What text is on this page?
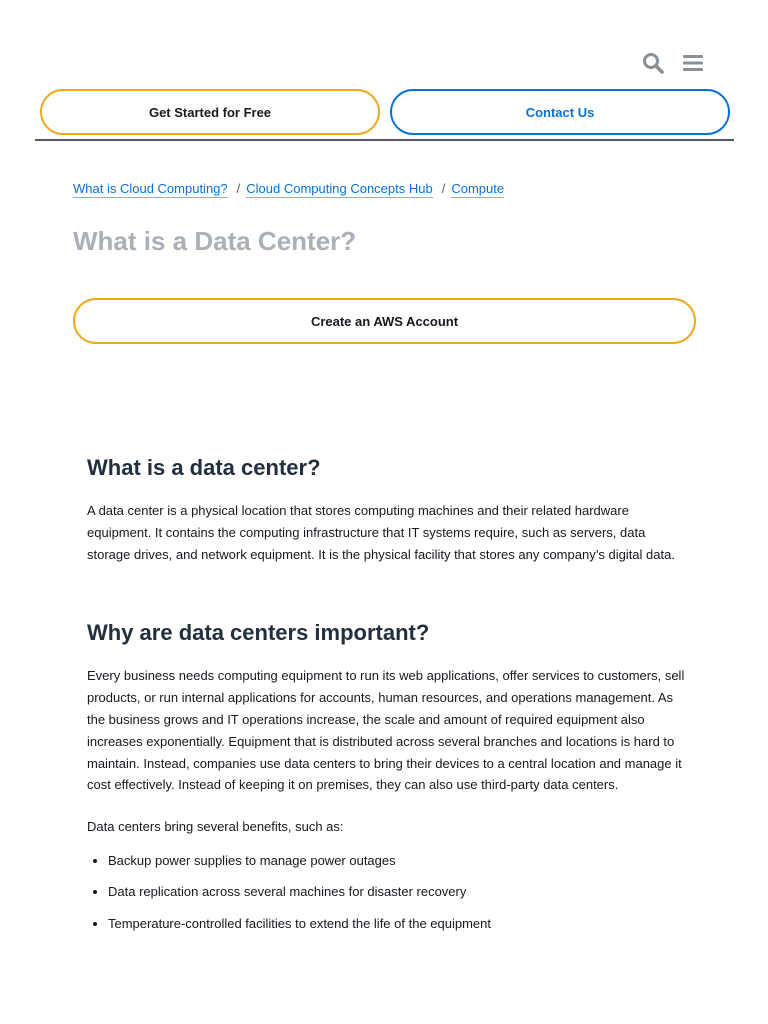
Get Started for Free	Contact Us
What is Cloud Computing? / Cloud Computing Concepts Hub / Compute
What is a Data Center?
Create an AWS Account
What is a data center?

A data center is a physical location that stores computing machines and their related hardware equipment. It contains the computing infrastructure that IT systems require, such as servers, data storage drives, and network equipment. It is the physical facility that stores any company’s digital data.

Why are data centers important?

Every business needs computing equipment to run its web applications, offer services to customers, sell products, or run internal applications for accounts, human resources, and operations management. As the business grows and IT operations increase, the scale and amount of required equipment also increases exponentially. Equipment that is distributed across several branches and locations is hard to maintain. Instead, companies use data centers to bring their devices to a central location and manage it cost effectively. Instead of keeping it on premises, they can also use third-party data centers.

Data centers bring several benefits, such as:

• Backup power supplies to manage power outages
• Data replication across several machines for disaster recovery
• Temperature-controlled facilities to extend the life of the equipment
